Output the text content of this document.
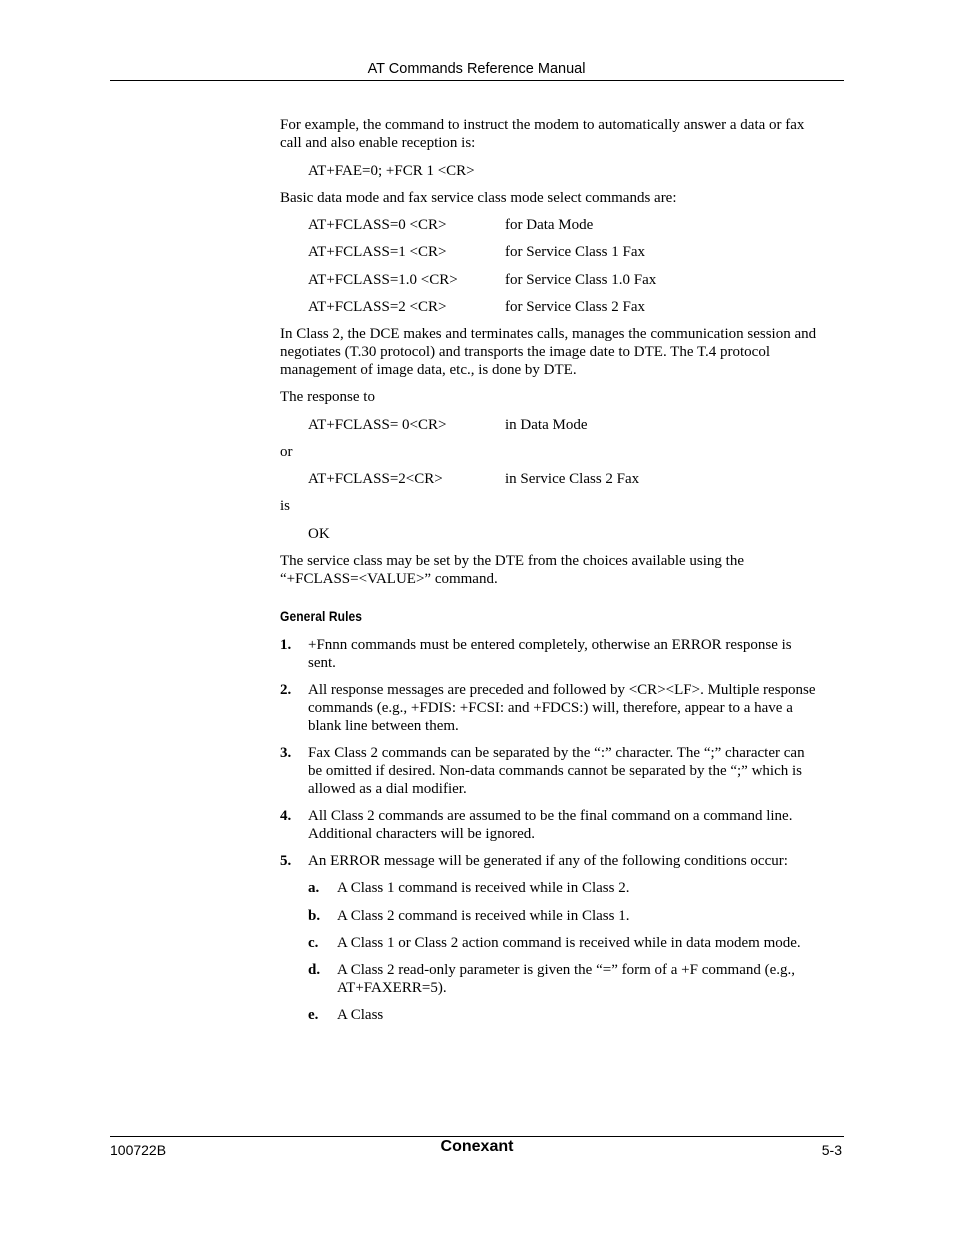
AT Commands Reference Manual
For example, the command to instruct the modem to automatically answer a data or fax
call and also enable reception is:
AT+FAE=0; +FCR 1 <CR>
Basic data mode and fax service class mode select commands are:
AT+FCLASS=0 <CR>	for Data Mode
AT+FCLASS=1 <CR>	for Service Class 1 Fax
AT+FCLASS=1.0 <CR>	for Service Class 1.0 Fax
AT+FCLASS=2 <CR>	for Service Class 2 Fax
In Class 2, the DCE makes and terminates calls, manages the communication session and
negotiates (T.30 protocol) and transports the image date to DTE. The T.4 protocol
management of image data, etc., is done by DTE.
The response to
AT+FCLASS= 0<CR>	in Data Mode
or
AT+FCLASS=2<CR>	in Service Class 2 Fax
is
OK
The service class may be set by the DTE from the choices available using the
“+FCLASS=<VALUE>” command.
General Rules
1. +Fnnn commands must be entered completely, otherwise an ERROR response is
sent.
2. All response messages are preceded and followed by <CR><LF>. Multiple response
commands (e.g., +FDIS: +FCSI: and +FDCS:) will, therefore, appear to a have a
blank line between them.
3. Fax Class 2 commands can be separated by the “:” character. The “;” character can
be omitted if desired. Non-data commands cannot be separated by the “;” which is
allowed as a dial modifier.
4. All Class 2 commands are assumed to be the final command on a command line.
Additional characters will be ignored.
5. An ERROR message will be generated if any of the following conditions occur:
a. A Class 1 command is received while in Class 2.
b. A Class 2 command is received while in Class 1.
c. A Class 1 or Class 2 action command is received while in data modem mode.
d. A Class 2 read-only parameter is given the “=” form of a +F command (e.g.,
AT+FAXERR=5).
e. A Class
100722B	Conexant	5-3
